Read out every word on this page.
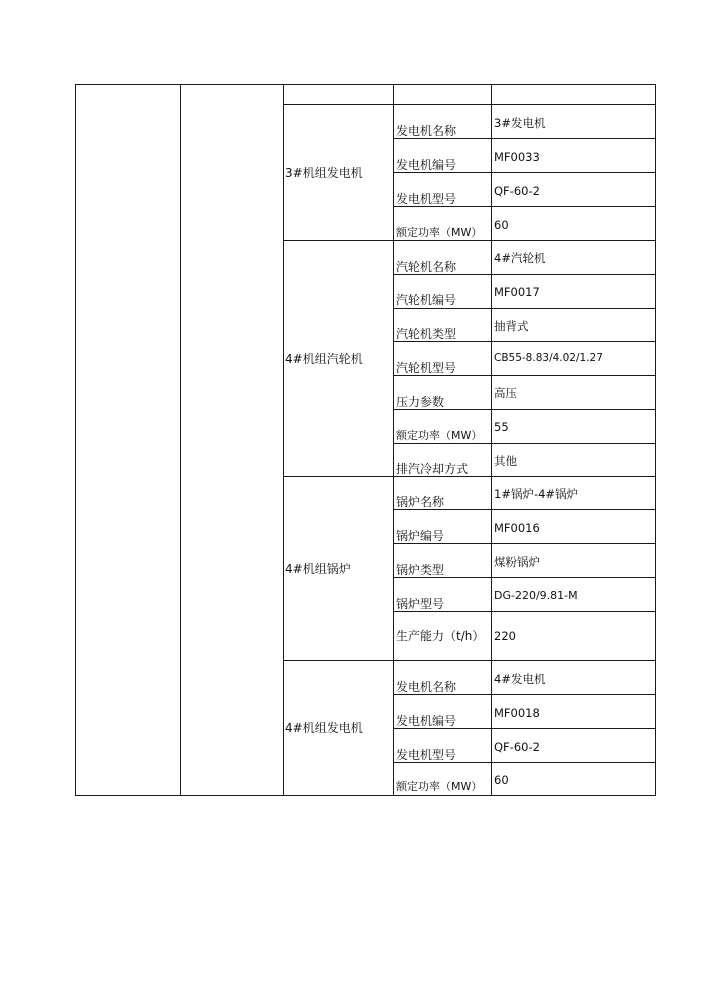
3#机组发电机
发电机名称
3#发电机
发电机编号
MF0033
发电机型号
QF-60-2
额定功率（MW）
60
4#机组汽轮机
汽轮机名称
4#汽轮机
汽轮机编号
MF0017
汽轮机类型
抽背式
汽轮机型号
CB55-8.83/4.02/1.27
压力参数
高压
额定功率（MW）
55
排汽冷却方式
其他
4#机组锅炉
锅炉名称
1#锅炉-4#锅炉
锅炉编号
MF0016
锅炉类型
煤粉锅炉
锅炉型号
DG-220/9.81-M
生产能力（t/h） 220
4#机组发电机
发电机名称
4#发电机
发电机编号
MF0018
发电机型号
QF-60-2
额定功率（MW） 60
